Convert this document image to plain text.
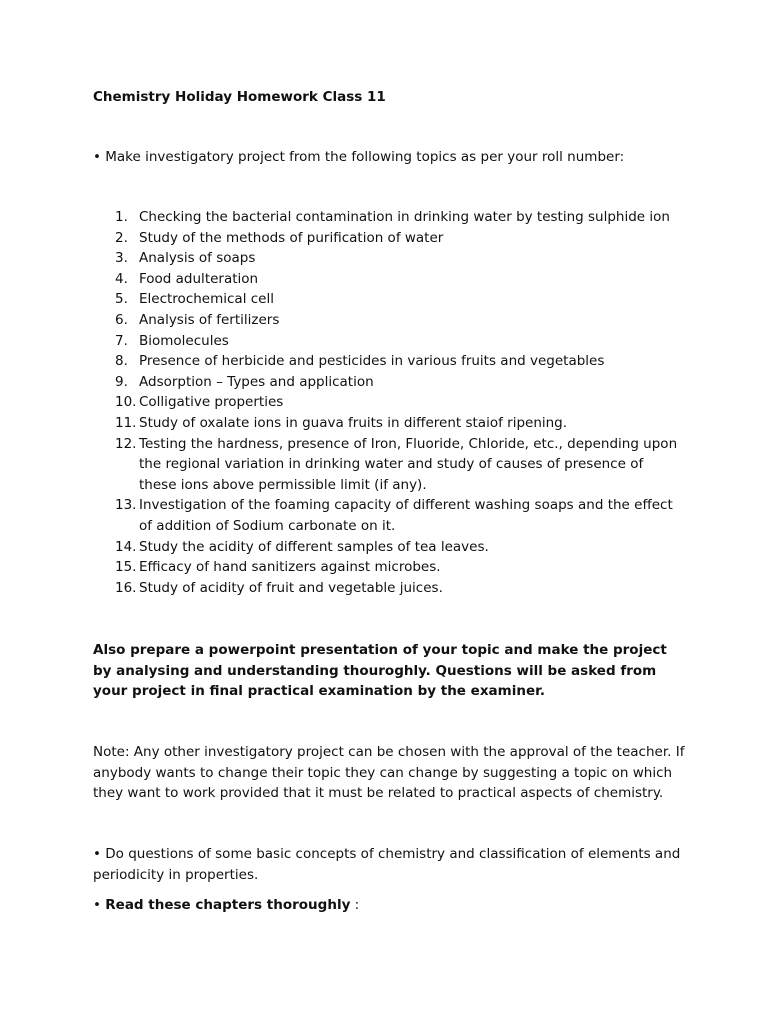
Chemistry Holiday Homework Class 11
• Make investigatory project from the following topics as per your roll number:
1. Checking the bacterial contamination in drinking water by testing sulphide ion
2. Study of the methods of purification of water
3. Analysis of soaps
4. Food adulteration
5. Electrochemical cell
6. Analysis of fertilizers
7. Biomolecules
8. Presence of herbicide and pesticides in various fruits and vegetables
9. Adsorption – Types and application
10. Colligative properties
11. Study of oxalate ions in guava fruits in different staiof ripening.
12. Testing the hardness, presence of Iron, Fluoride, Chloride, etc., depending upon the regional variation in drinking water and study of causes of presence of these ions above permissible limit (if any).
13. Investigation of the foaming capacity of different washing soaps and the effect of addition of Sodium carbonate on it.
14. Study the acidity of different samples of tea leaves.
15. Efficacy of hand sanitizers against microbes.
16. Study of acidity of fruit and vegetable juices.
Also prepare a powerpoint presentation of your topic and make the project by analysing and understanding thouroghly. Questions will be asked from your project in final practical examination by the examiner.
Note: Any other investigatory project can be chosen with the approval of the teacher. If anybody wants to change their topic they can change by suggesting a topic on which they want to work provided that it must be related to practical aspects of chemistry.
• Do questions of some basic concepts of chemistry and classification of elements and periodicity in properties.
• Read these chapters thoroughly :
